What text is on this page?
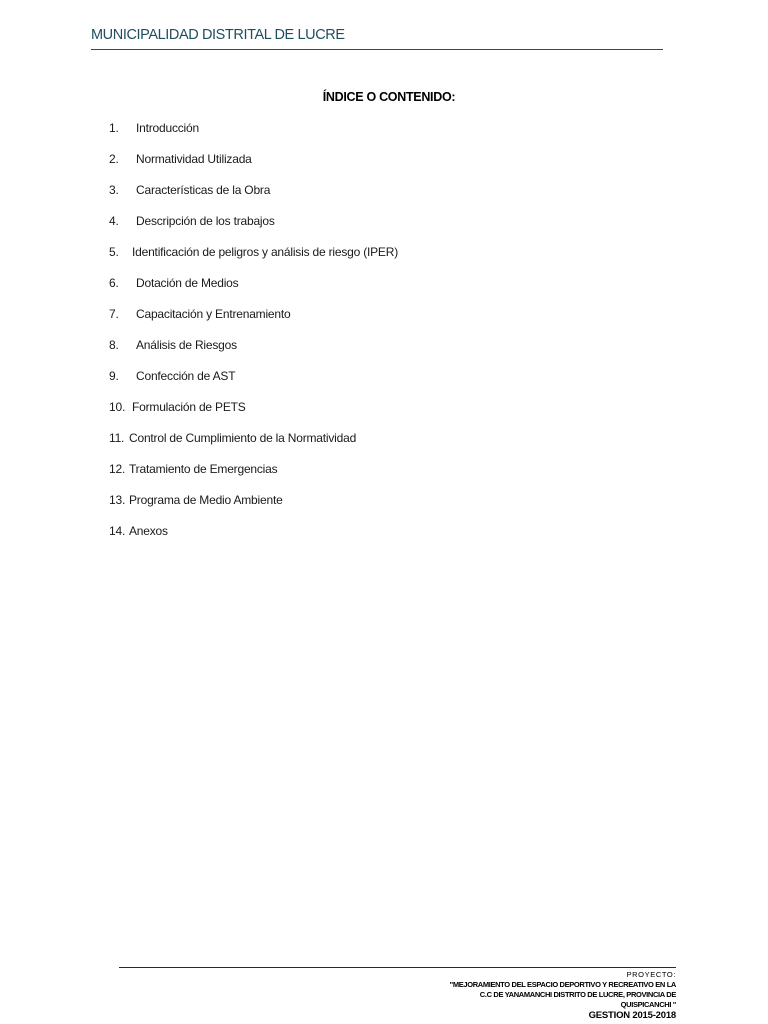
MUNICIPALIDAD DISTRITAL DE LUCRE
ÍNDICE O CONTENIDO:
1. Introducción
2. Normatividad Utilizada
3. Características de la Obra
4. Descripción de los trabajos
5. Identificación de peligros y análisis de riesgo (IPER)
6. Dotación de Medios
7. Capacitación y Entrenamiento
8. Análisis de Riesgos
9. Confección de AST
10. Formulación de PETS
11. Control de Cumplimiento de la Normatividad
12. Tratamiento de Emergencias
13. Programa de Medio Ambiente
14. Anexos
PROYECTO:
"MEJORAMIENTO DEL ESPACIO DEPORTIVO Y RECREATIVO EN LA
C.C DE YANAMANCHI DISTRITO DE LUCRE, PROVINCIA DE
QUISPICANCHI "
GESTION 2015-2018
